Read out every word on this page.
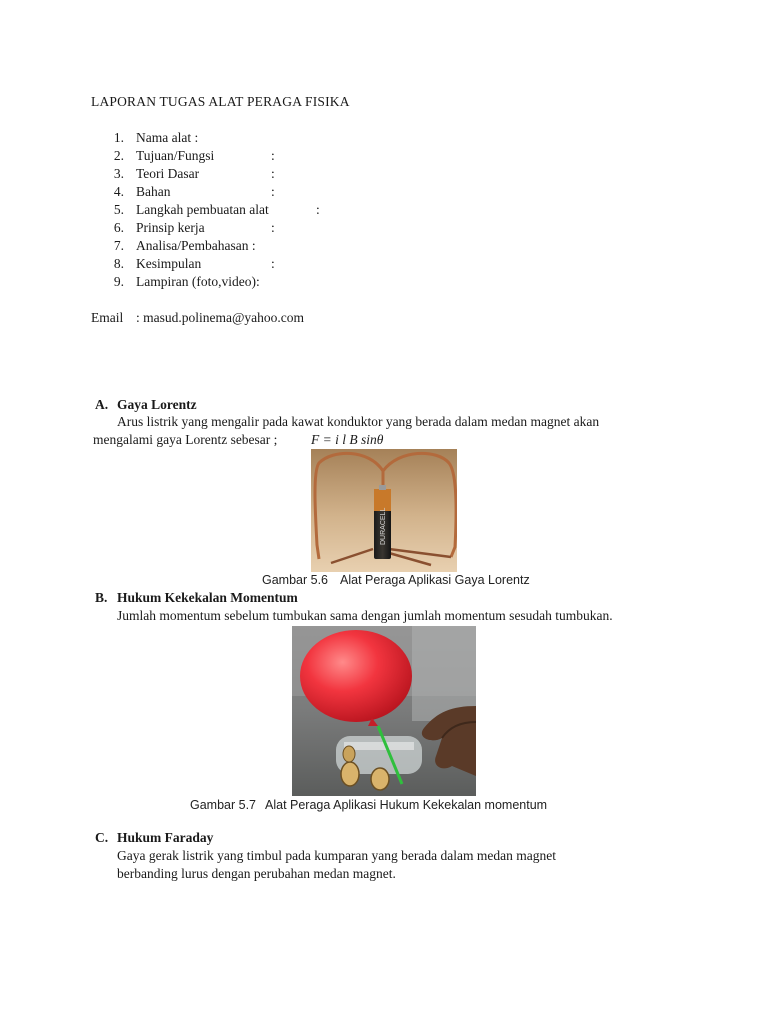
LAPORAN TUGAS ALAT PERAGA FISIKA
1. Nama alat :
2. Tujuan/Fungsi	:
3. Teori Dasar	:
4. Bahan	:
5. Langkah pembuatan alat	:
6. Prinsip kerja	:
7. Analisa/Pembahasan :
8. Kesimpulan	:
9. Lampiran (foto,video):
Email : masud.polinema@yahoo.com
A. Gaya Lorentz
Arus listrik yang mengalir pada kawat konduktor yang berada dalam medan magnet akan
mengalami gaya Lorentz sebesar ; F = i l B sinθ
DURACELL
Gambar 5.6 Alat Peraga Aplikasi Gaya Lorentz
B. Hukum Kekekalan Momentum
Jumlah momentum sebelum tumbukan sama dengan jumlah momentum sesudah tumbukan.
Gambar 5.7 Alat Peraga Aplikasi Hukum Kekekalan momentum
C. Hukum Faraday
Gaya gerak listrik yang timbul pada kumparan yang berada dalam medan magnet
berbanding lurus dengan perubahan medan magnet.
